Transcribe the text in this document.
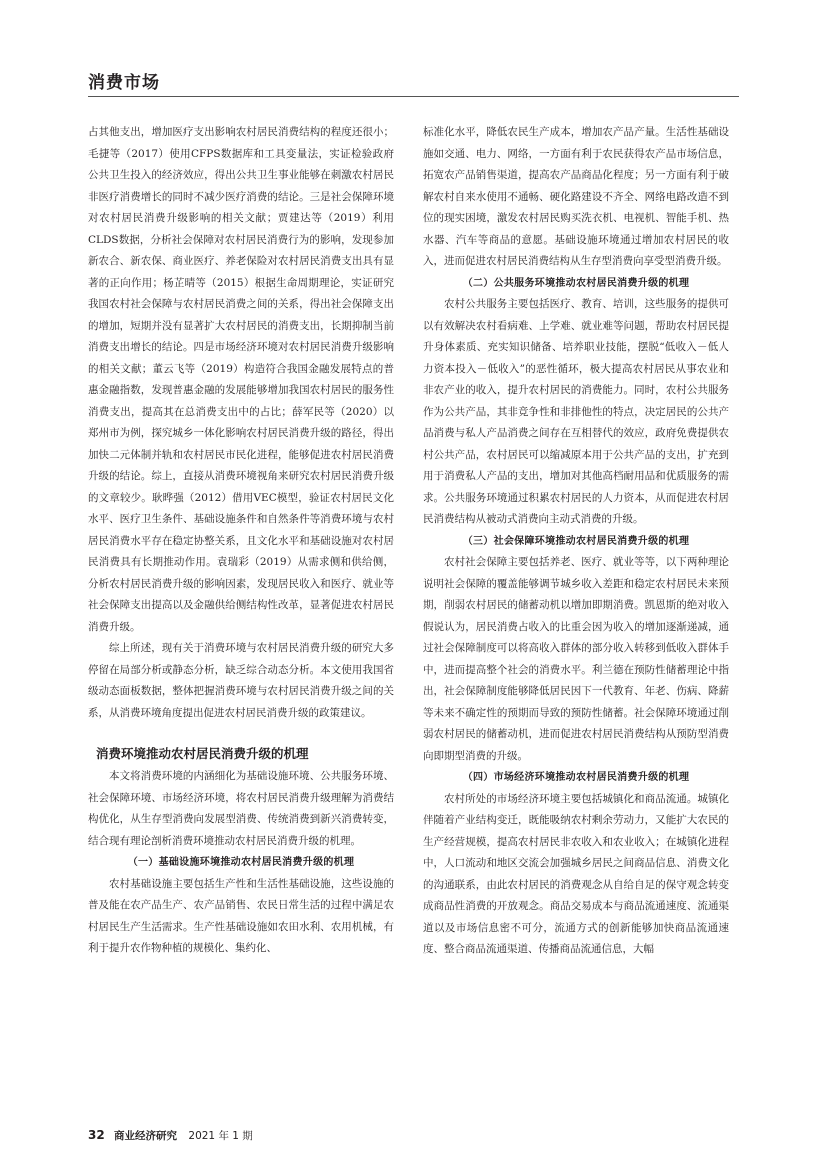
消费市场

占其他支出，增加医疗支出影响农村居民消费结构的程度还很小；毛捷等（2017）使用CFPS数据库和工具变量法，实证检验政府公共卫生投入的经济效应，得出公共卫生事业能够在刺激农村居民非医疗消费增长的同时不减少医疗消费的结论。三是社会保障环境对农村居民消费升级影响的相关文献；贾建达等（2019）利用CLDS数据，分析社会保障对农村居民消费行为的影响，发现参加新农合、新农保、商业医疗、养老保险对农村居民消费支出具有显著的正向作用；杨芷晴等（2015）根据生命周期理论，实证研究我国农村社会保障与农村居民消费之间的关系，得出社会保障支出的增加，短期并没有显著扩大农村居民的消费支出，长期抑制当前消费支出增长的结论。四是市场经济环境对农村居民消费升级影响的相关文献；董云飞等（2019）构造符合我国金融发展特点的普惠金融指数，发现普惠金融的发展能够增加我国农村居民的服务性消费支出，提高其在总消费支出中的占比；薛军民等（2020）以郑州市为例，探究城乡一体化影响农村居民消费升级的路径，得出加快二元体制并轨和农村居民市民化进程，能够促进农村居民消费升级的结论。综上，直接从消费环境视角来研究农村居民消费升级的文章较少。耿晔强（2012）借用VEC模型，验证农村居民文化水平、医疗卫生条件、基础设施条件和自然条件等消费环境与农村居民消费水平存在稳定协整关系，且文化水平和基础设施对农村居民消费具有长期推动作用。袁瑞彩（2019）从需求侧和供给侧，分析农村居民消费升级的影响因素，发现居民收入和医疗、就业等社会保障支出提高以及金融供给侧结构性改革，显著促进农村居民消费升级。

综上所述，现有关于消费环境与农村居民消费升级的研究大多停留在局部分析或静态分析，缺乏综合动态分析。本文使用我国省级动态面板数据，整体把握消费环境与农村居民消费升级之间的关系，从消费环境角度提出促进农村居民消费升级的政策建议。

消费环境推动农村居民消费升级的机理

本文将消费环境的内涵细化为基础设施环境、公共服务环境、社会保障环境、市场经济环境，将农村居民消费升级理解为消费结构优化，从生存型消费向发展型消费、传统消费到新兴消费转变，结合现有理论剖析消费环境推动农村居民消费升级的机理。

（一）基础设施环境推动农村居民消费升级的机理

农村基础设施主要包括生产性和生活性基础设施，这些设施的普及能在农产品生产、农产品销售、农民日常生活的过程中满足农村居民生产生活需求。生产性基础设施如农田水利、农用机械，有利于提升农作物种植的规模化、集约化、

标准化水平，降低农民生产成本，增加农产品产量。生活性基础设施如交通、电力、网络，一方面有利于农民获得农产品市场信息，拓宽农产品销售渠道，提高农产品商品化程度；另一方面有利于破解农村自来水使用不通畅、硬化路建设不齐全、网络电路改造不到位的现实困境，激发农村居民购买洗衣机、电视机、智能手机、热水器、汽车等商品的意愿。基础设施环境通过增加农村居民的收入，进而促进农村居民消费结构从生存型消费向享受型消费升级。

（二）公共服务环境推动农村居民消费升级的机理

农村公共服务主要包括医疗、教育、培训，这些服务的提供可以有效解决农村看病难、上学难、就业难等问题，帮助农村居民提升身体素质、充实知识储备、培养职业技能，摆脱“低收入－低人力资本投入－低收入”的恶性循环，极大提高农村居民从事农业和非农产业的收入，提升农村居民的消费能力。同时，农村公共服务作为公共产品，其非竞争性和非排他性的特点，决定居民的公共产品消费与私人产品消费之间存在互相替代的效应，政府免费提供农村公共产品，农村居民可以缩减原本用于公共产品的支出，扩充到用于消费私人产品的支出，增加对其他高档耐用品和优质服务的需求。公共服务环境通过积累农村居民的人力资本，从而促进农村居民消费结构从被动式消费向主动式消费的升级。

（三）社会保障环境推动农村居民消费升级的机理

农村社会保障主要包括养老、医疗、就业等等，以下两种理论说明社会保障的覆盖能够调节城乡收入差距和稳定农村居民未来预期，削弱农村居民的储蓄动机以增加即期消费。凯恩斯的绝对收入假说认为，居民消费占收入的比重会因为收入的增加逐渐递减，通过社会保障制度可以将高收入群体的部分收入转移到低收入群体手中，进而提高整个社会的消费水平。利兰德在预防性储蓄理论中指出，社会保障制度能够降低居民因下一代教育、年老、伤病、降薪等未来不确定性的预期而导致的预防性储蓄。社会保障环境通过削弱农村居民的储蓄动机，进而促进农村居民消费结构从预防型消费向即期型消费的升级。

（四）市场经济环境推动农村居民消费升级的机理

农村所处的市场经济环境主要包括城镇化和商品流通。城镇化伴随着产业结构变迁，既能吸纳农村剩余劳动力，又能扩大农民的生产经营规模，提高农村居民非农收入和农业收入；在城镇化进程中，人口流动和地区交流会加强城乡居民之间商品信息、消费文化的沟通联系，由此农村居民的消费观念从自给自足的保守观念转变成商品性消费的开放观念。商品交易成本与商品流通速度、流通渠道以及市场信息密不可分，流通方式的创新能够加快商品流通速度、整合商品流通渠道、传播商品流通信息，大幅

32 商业经济研究 2021 年 1 期
